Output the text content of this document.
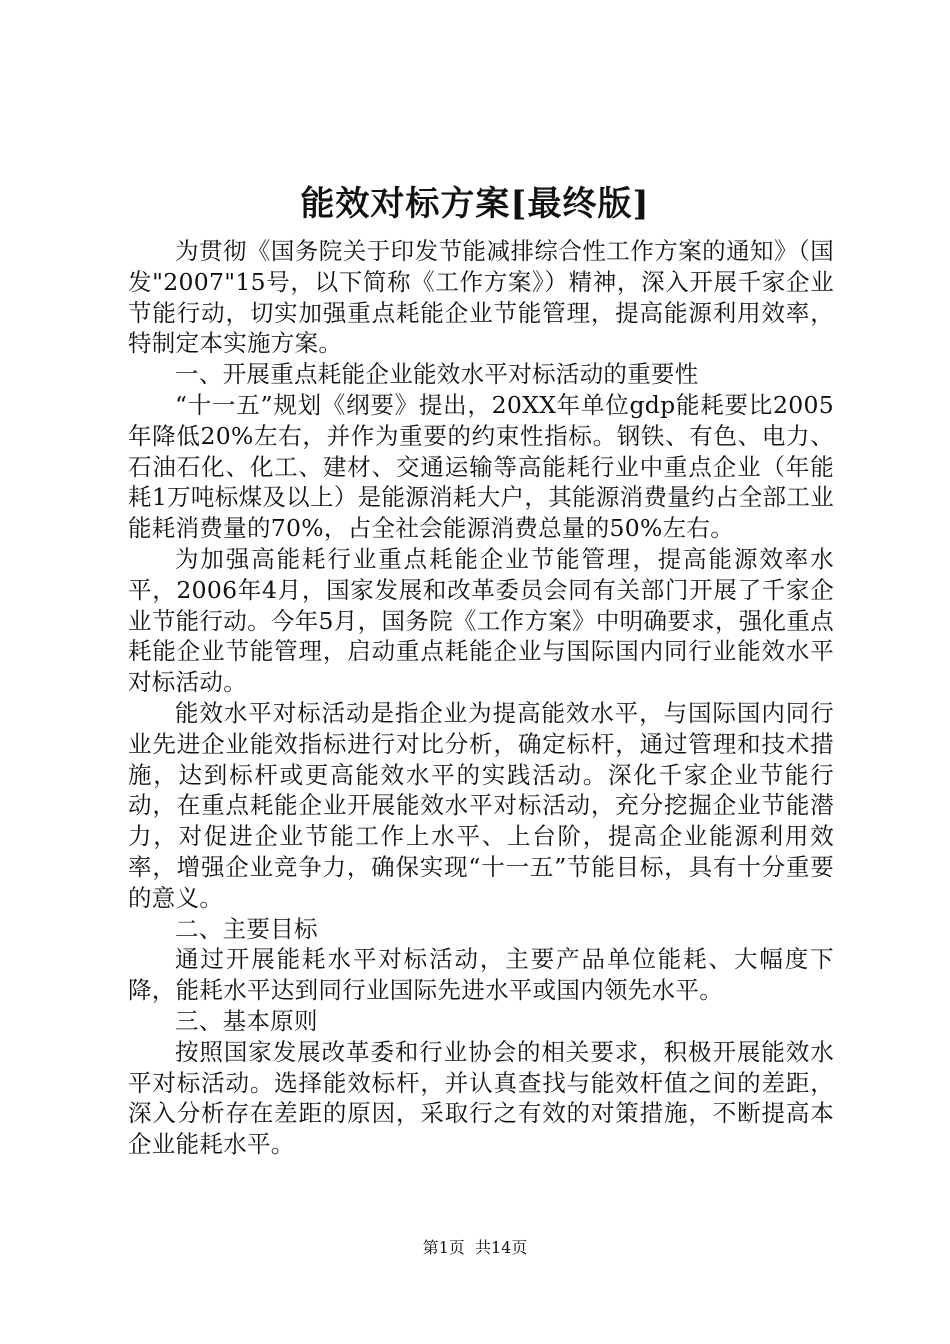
能效对标方案[最终版]

为贯彻《国务院关于印发节能减排综合性工作方案的通知》（国发"2007"15号，以下简称《工作方案》）精神，深入开展千家企业节能行动，切实加强重点耗能企业节能管理，提高能源利用效率，特制定本实施方案。

一、开展重点耗能企业能效水平对标活动的重要性

“十一五”规划《纲要》提出，20XX年单位gdp能耗要比2005年降低20%左右，并作为重要的约束性指标。钢铁、有色、电力、石油石化、化工、建材、交通运输等高能耗行业中重点企业（年能耗1万吨标煤及以上）是能源消耗大户，其能源消费量约占全部工业能耗消费量的70%，占全社会能源消费总量的50%左右。

为加强高能耗行业重点耗能企业节能管理，提高能源效率水平，2006年4月，国家发展和改革委员会同有关部门开展了千家企业节能行动。今年5月，国务院《工作方案》中明确要求，强化重点耗能企业节能管理，启动重点耗能企业与国际国内同行业能效水平对标活动。

能效水平对标活动是指企业为提高能效水平，与国际国内同行业先进企业能效指标进行对比分析，确定标杆，通过管理和技术措施，达到标杆或更高能效水平的实践活动。深化千家企业节能行动，在重点耗能企业开展能效水平对标活动，充分挖掘企业节能潜力，对促进企业节能工作上水平、上台阶，提高企业能源利用效率，增强企业竞争力，确保实现“十一五”节能目标，具有十分重要的意义。

二、主要目标

通过开展能耗水平对标活动，主要产品单位能耗、大幅度下降，能耗水平达到同行业国际先进水平或国内领先水平。

三、基本原则

按照国家发展改革委和行业协会的相关要求，积极开展能效水平对标活动。选择能效标杆，并认真查找与能效杆值之间的差距，深入分析存在差距的原因，采取行之有效的对策措施，不断提高本企业能耗水平。

第1页 共14页
